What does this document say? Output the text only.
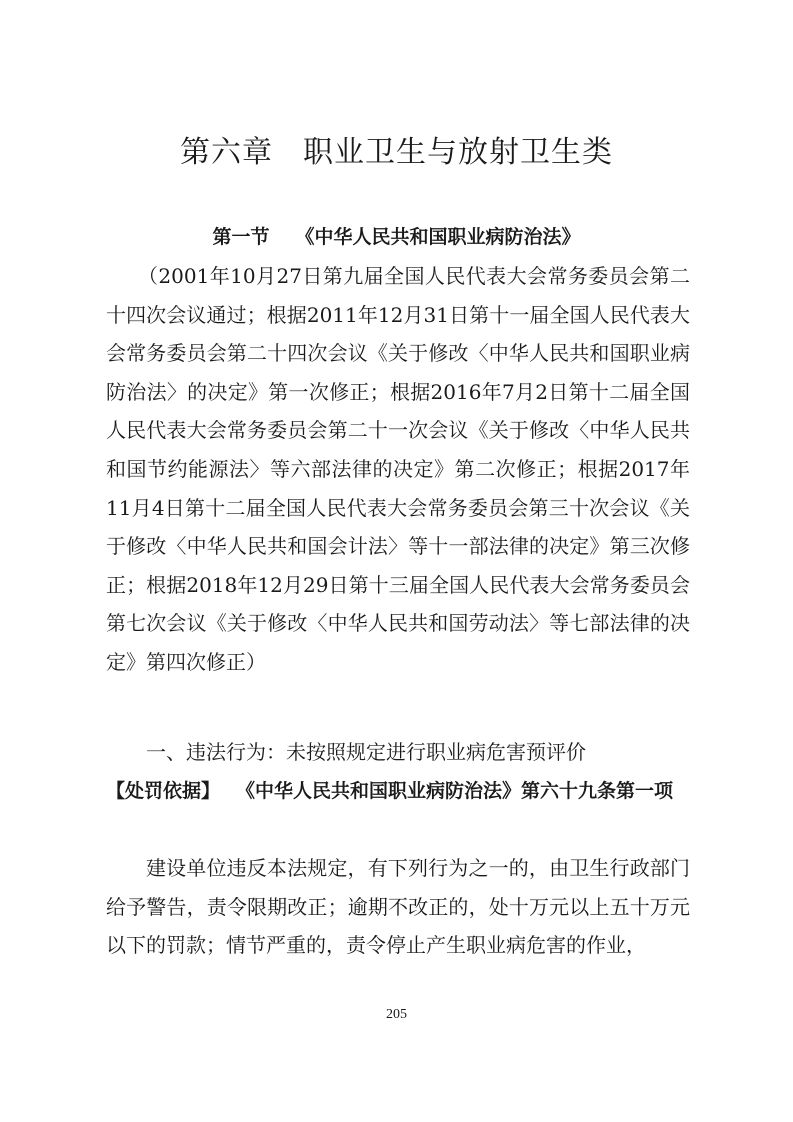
第六章 职业卫生与放射卫生类
第一节 《中华人民共和国职业病防治法》

（2001年10月27日第九届全国人民代表大会常务委员会第二十四次会议通过；根据2011年12月31日第十一届全国人民代表大会常务委员会第二十四次会议《关于修改〈中华人民共和国职业病防治法〉的决定》第一次修正；根据2016年7月2日第十二届全国人民代表大会常务委员会第二十一次会议《关于修改〈中华人民共和国节约能源法〉等六部法律的决定》第二次修正；根据2017年11月4日第十二届全国人民代表大会常务委员会第三十次会议《关于修改〈中华人民共和国会计法〉等十一部法律的决定》第三次修正；根据2018年12月29日第十三届全国人民代表大会常务委员会第七次会议《关于修改〈中华人民共和国劳动法〉等七部法律的决定》第四次修正）

一、违法行为：未按照规定进行职业病危害预评价

【处罚依据】 《中华人民共和国职业病防治法》第六十九条第一项

建设单位违反本法规定，有下列行为之一的，由卫生行政部门给予警告，责令限期改正；逾期不改正的，处十万元以上五十万元以下的罚款；情节严重的，责令停止产生职业病危害的作业，

205
